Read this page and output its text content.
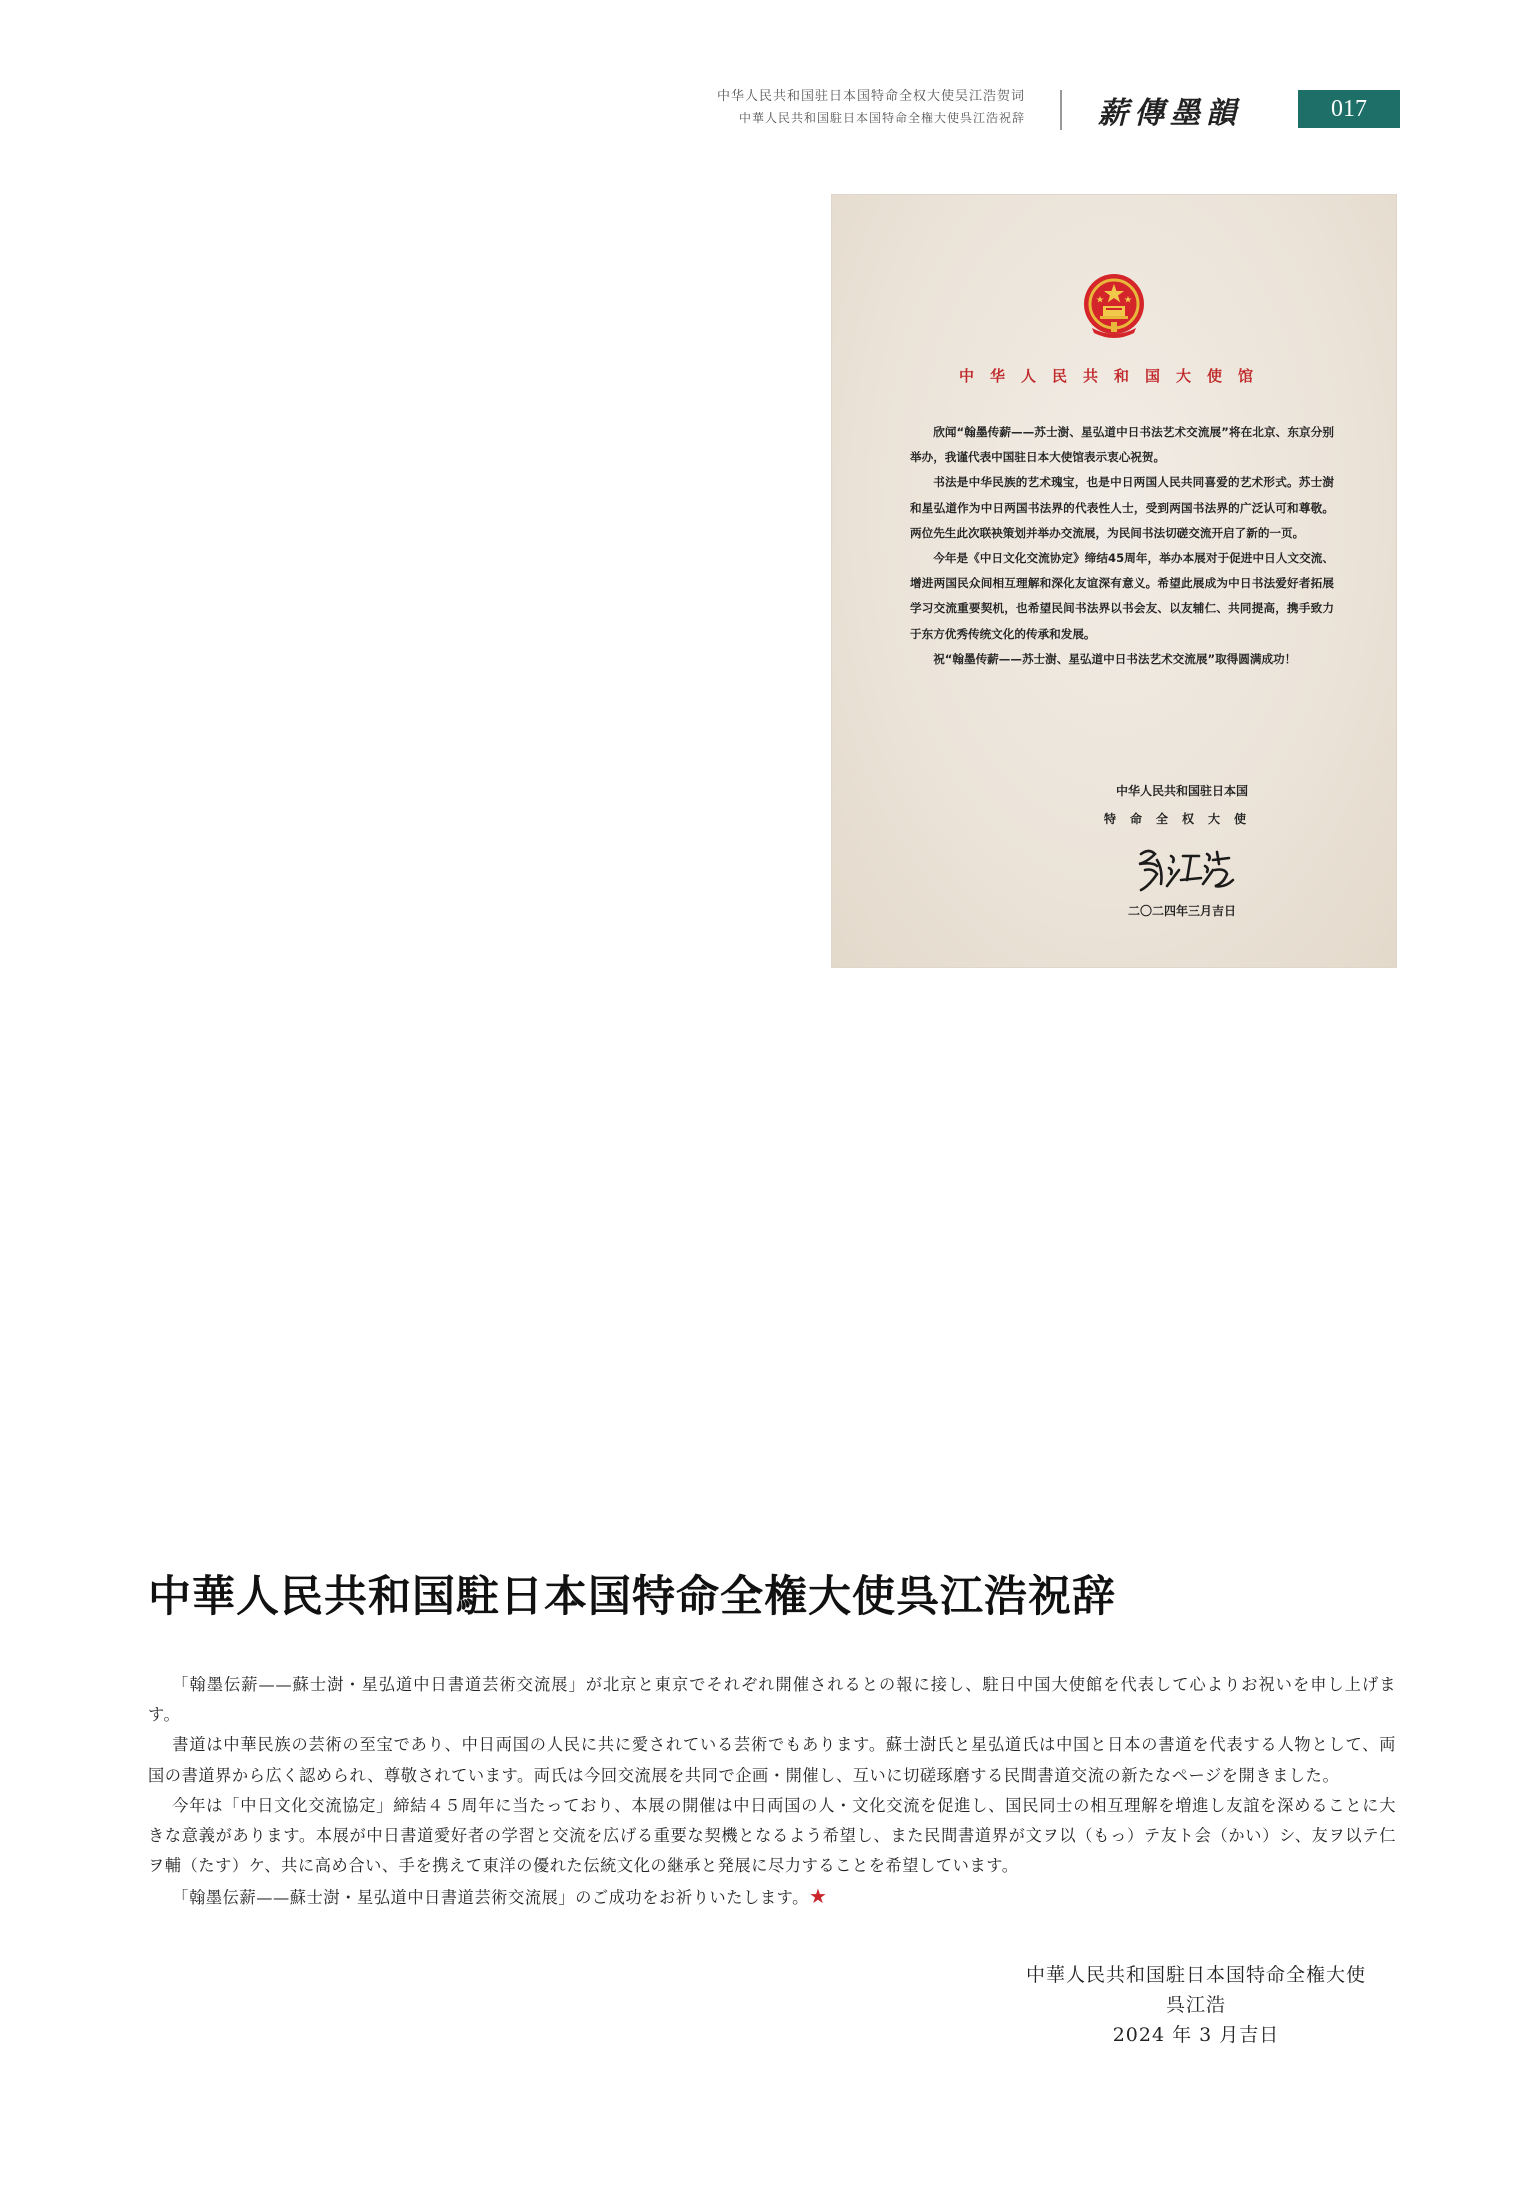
中华人民共和国驻日本国特命全权大使吴江浩贺词
中華人民共和国駐日本国特命全権大使呉江浩祝辞 薪傳墨韻	017
中华人民共和国大使馆

欣闻“翰墨传薪——苏士澍、星弘道中日书法艺术交流展”将在北京、东京分别举办，我谨代表中国驻日本大使馆表示衷心祝贺。

书法是中华民族的艺术瑰宝，也是中日两国人民共同喜爱的艺术形式。苏士澍和星弘道作为中日两国书法界的代表性人士，受到两国书法界的广泛认可和尊敬。两位先生此次联袂策划并举办交流展，为民间书法切磋交流开启了新的一页。

今年是《中日文化交流协定》缔结45周年，举办本展对于促进中日人文交流、增进两国民众间相互理解和深化友谊深有意义。希望此展成为中日书法爱好者拓展学习交流重要契机，也希望民间书法界以书会友、以友辅仁、共同提高，携手致力于东方优秀传统文化的传承和发展。

祝“翰墨传薪——苏士澍、星弘道中日书法艺术交流展”取得圆满成功！

中华人民共和国驻日本国
特命全权大使
二〇二四年三月吉日
中華人民共和国駐日本国特命全権大使呉江浩祝辞

「翰墨伝薪——蘇士澍・星弘道中日書道芸術交流展」が北京と東京でそれぞれ開催されるとの報に接し、駐日中国大使館を代表して心よりお祝いを申し上げます。

書道は中華民族の芸術の至宝であり、中日両国の人民に共に愛されている芸術でもあります。蘇士澍氏と星弘道氏は中国と日本の書道を代表する人物として、両国の書道界から広く認められ、尊敬されています。両氏は今回交流展を共同で企画・開催し、互いに切磋琢磨する民間書道交流の新たなページを開きました。

今年は「中日文化交流協定」締結４５周年に当たっており、本展の開催は中日両国の人・文化交流を促進し、国民同士の相互理解を増進し友誼を深めることに大きな意義があります。本展が中日書道愛好者の学習と交流を広げる重要な契機となるよう希望し、また民間書道界が文ヲ以（もっ）テ友ト会（かい）シ、友ヲ以テ仁ヲ輔（たす）ケ、共に高め合い、手を携えて東洋の優れた伝統文化の継承と発展に尽力することを希望しています。

「翰墨伝薪——蘇士澍・星弘道中日書道芸術交流展」のご成功をお祈りいたします。★

中華人民共和国駐日本国特命全権大使
呉江浩
2024 年 3 月吉日
